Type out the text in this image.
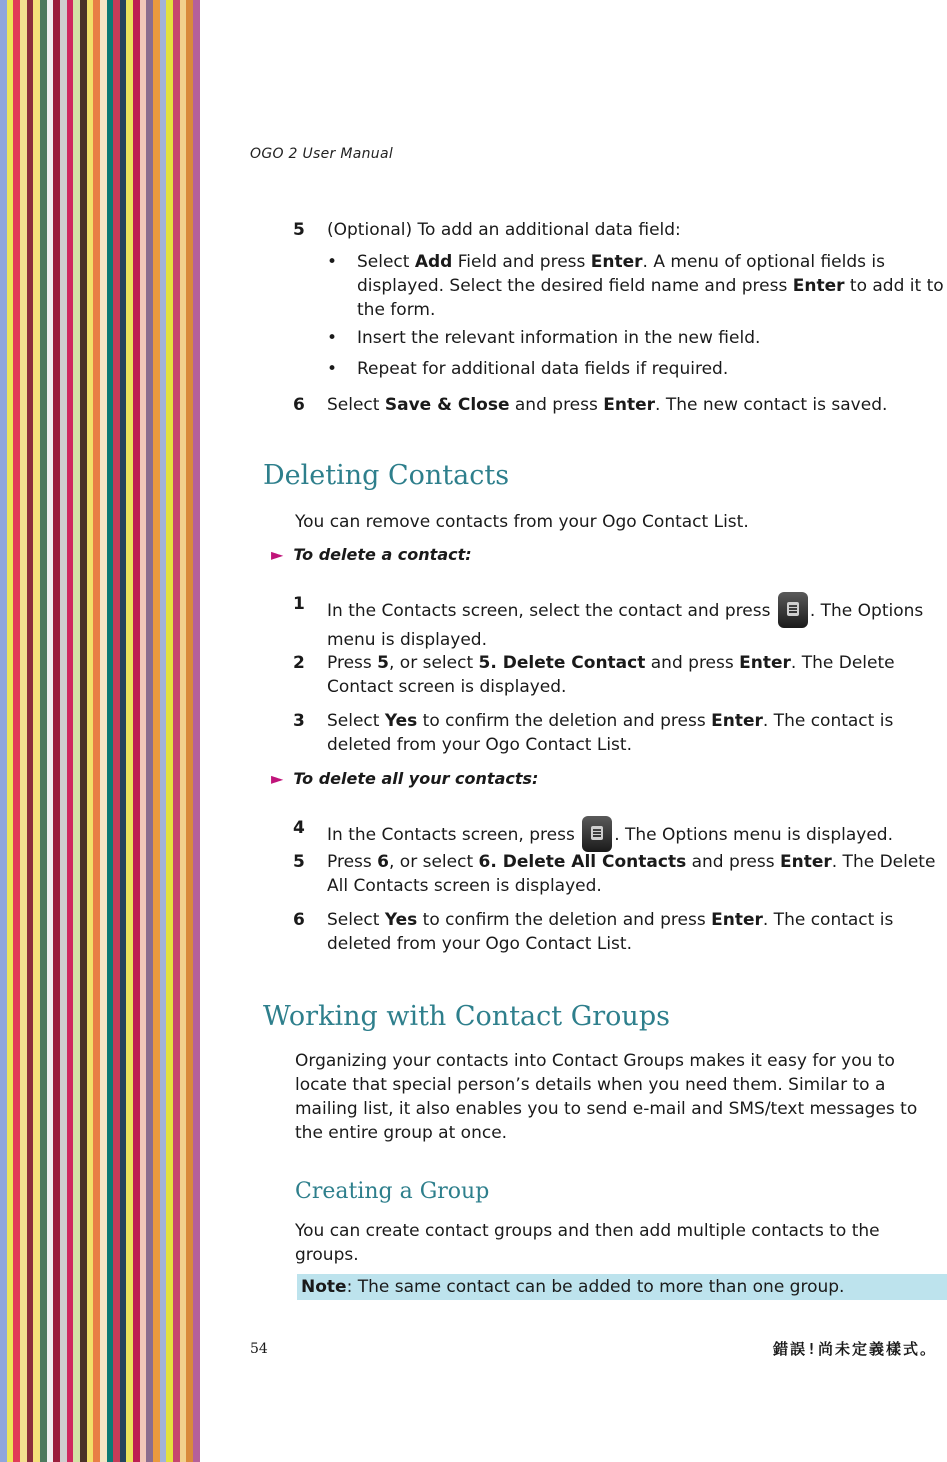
OGO 2 User Manual
5 (Optional) To add an additional data field:
• Select Add Field and press Enter. A menu of optional fields is displayed. Select the desired field name and press Enter to add it to the form.
• Insert the relevant information in the new field.
• Repeat for additional data fields if required.
6 Select Save & Close and press Enter. The new contact is saved.
Deleting Contacts
You can remove contacts from your Ogo Contact List.
► To delete a contact:
1 In the Contacts screen, select the contact and press . The Options menu is displayed.
2 Press 5, or select 5. Delete Contact and press Enter. The Delete Contact screen is displayed.
3 Select Yes to confirm the deletion and press Enter. The contact is deleted from your Ogo Contact List.
► To delete all your contacts:
4 In the Contacts screen, press . The Options menu is displayed.
5 Press 6, or select 6. Delete All Contacts and press Enter. The Delete All Contacts screen is displayed.
6 Select Yes to confirm the deletion and press Enter. The contact is deleted from your Ogo Contact List.
Working with Contact Groups
Organizing your contacts into Contact Groups makes it easy for you to locate that special person’s details when you need them. Similar to a mailing list, it also enables you to send e-mail and SMS/text messages to the entire group at once.
Creating a Group
You can create contact groups and then add multiple contacts to the groups.
Note: The same contact can be added to more than one group.
54	錯誤!尚未定義樣式。
